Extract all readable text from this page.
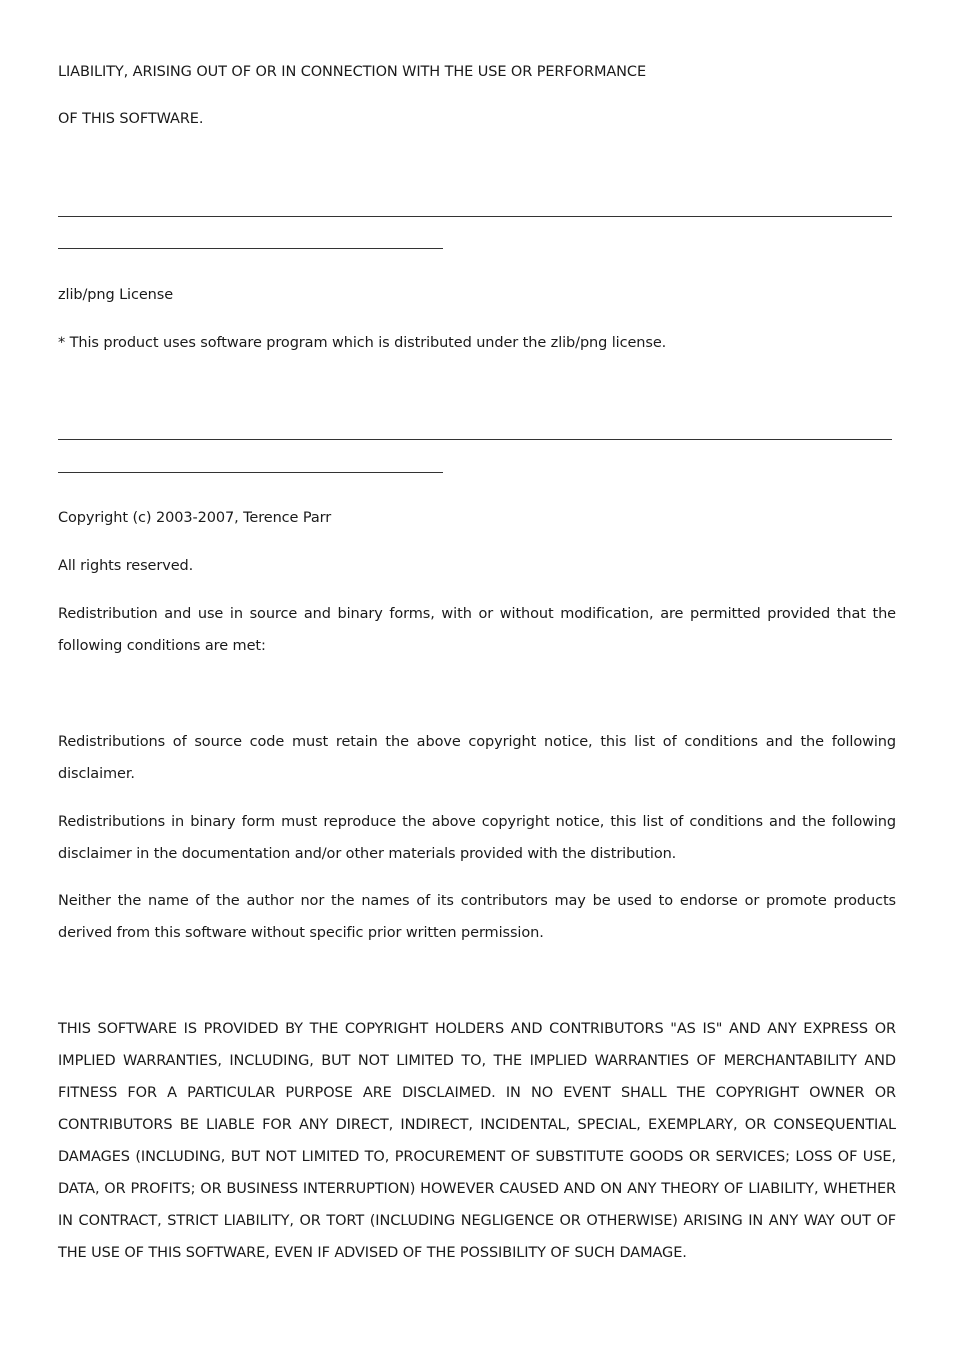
LIABILITY, ARISING OUT OF OR IN CONNECTION WITH THE USE OR PERFORMANCE
OF THIS SOFTWARE.
zlib/png License
* This product uses software program which is distributed under the zlib/png license.
Copyright (c) 2003-2007, Terence Parr
All rights reserved.
Redistribution and use in source and binary forms, with or without modification, are permitted provided that the following conditions are met:
Redistributions of source code must retain the above copyright notice, this list of conditions and the following disclaimer.
Redistributions in binary form must reproduce the above copyright notice, this list of conditions and the following disclaimer in the documentation and/or other materials provided with the distribution.
Neither the name of the author nor the names of its contributors may be used to endorse or promote products derived from this software without specific prior written permission.
THIS SOFTWARE IS PROVIDED BY THE COPYRIGHT HOLDERS AND CONTRIBUTORS "AS IS" AND ANY EXPRESS OR IMPLIED WARRANTIES, INCLUDING, BUT NOT LIMITED TO, THE IMPLIED WARRANTIES OF MERCHANTABILITY AND FITNESS FOR A PARTICULAR PURPOSE ARE DISCLAIMED. IN NO EVENT SHALL THE COPYRIGHT OWNER OR CONTRIBUTORS BE LIABLE FOR ANY DIRECT, INDIRECT, INCIDENTAL, SPECIAL, EXEMPLARY, OR CONSEQUENTIAL DAMAGES (INCLUDING, BUT NOT LIMITED TO, PROCUREMENT OF SUBSTITUTE GOODS OR SERVICES; LOSS OF USE, DATA, OR PROFITS; OR BUSINESS INTERRUPTION) HOWEVER CAUSED AND ON ANY THEORY OF LIABILITY, WHETHER IN CONTRACT, STRICT LIABILITY, OR TORT (INCLUDING NEGLIGENCE OR OTHERWISE) ARISING IN ANY WAY OUT OF THE USE OF THIS SOFTWARE, EVEN IF ADVISED OF THE POSSIBILITY OF SUCH DAMAGE.
